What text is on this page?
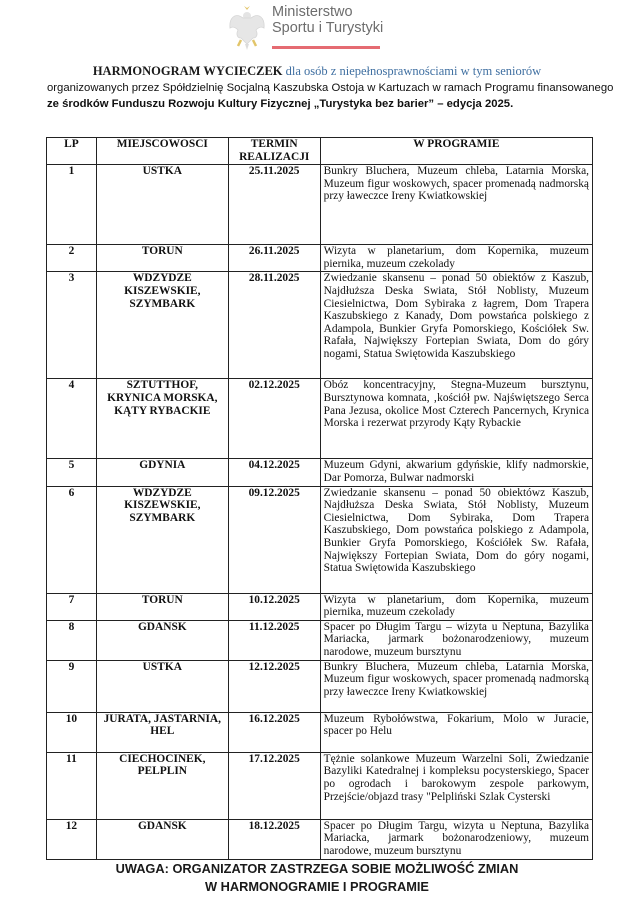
Ministerstwo
Sportu i Turystyki
HARMONOGRAM WYCIECZEK dla osób z niepełnosprawnościami w tym seniorów
organizowanych przez Spółdzielnię Socjalną Kaszubska Ostoja w Kartuzach w ramach Programu finansowanego
ze środków Funduszu Rozwoju Kultury Fizycznej „Turystyka bez barier” – edycja 2025.
LP	MIEJSCOWOSCI	TERMIN REALIZACJI	W PROGRAMIE
1	USTKA	25.11.2025	Bunkry Bluchera, Muzeum chleba, Latarnia Morska, Muzeum figur woskowych, spacer promenadą nadmorską przy ławeczce Ireny Kwiatkowskiej
2	TORUN	26.11.2025	Wizyta w planetarium, dom Kopernika, muzeum piernika, muzeum czekolady
3	WDZYDZE KISZEWSKIE, SZYMBARK	28.11.2025	Zwiedzanie skansenu – ponad 50 obiektów z Kaszub, Najdłuższa Deska Swiata, Stół Noblisty, Muzeum Ciesielnictwa, Dom Sybiraka z łagrem, Dom Trapera Kaszubskiego z Kanady, Dom powstańca polskiego z Adampola, Bunkier Gryfa Pomorskiego, Kościółek Sw. Rafała, Największy Fortepian Swiata, Dom do góry nogami, Statua Swiętowida Kaszubskiego
4	SZTUTTHOF, KRYNICA MORSKA, KĄTY RYBACKIE	02.12.2025	Obóz koncentracyjny, Stegna-Muzeum bursztynu, Bursztynowa komnata, ‚kościół pw. Najświętszego Serca Pana Jezusa, okolice Most Czterech Pancernych, Krynica Morska i rezerwat przyrody Kąty Rybackie
5	GDYNIA	04.12.2025	Muzeum Gdyni, akwarium gdyńskie, klify nadmorskie, Dar Pomorza, Bulwar nadmorski
6	WDZYDZE KISZEWSKIE, SZYMBARK	09.12.2025	Zwiedzanie skansenu – ponad 50 obiektówz Kaszub, Najdłuższa Deska Swiata, Stół Noblisty, Muzeum Ciesielnictwa, Dom Sybiraka, Dom Trapera Kaszubskiego, Dom powstańca polskiego z Adampola, Bunkier Gryfa Pomorskiego, Kościółek Sw. Rafała, Największy Fortepian Swiata, Dom do góry nogami, Statua Swiętowida Kaszubskiego
7	TORUN	10.12.2025	Wizyta w planetarium, dom Kopernika, muzeum piernika, muzeum czekolady
8	GDANSK	11.12.2025	Spacer po Długim Targu – wizyta u Neptuna, Bazylika Mariacka, jarmark bożonarodzeniowy, muzeum narodowe, muzeum bursztynu
9	USTKA	12.12.2025	Bunkry Bluchera, Muzeum chleba, Latarnia Morska, Muzeum figur woskowych, spacer promenadą nadmorską przy ławeczce Ireny Kwiatkowskiej
10	JURATA, JASTARNIA, HEL	16.12.2025	Muzeum Rybołówstwa, Fokarium, Molo w Juracie, spacer po Helu
11	CIECHOCINEK, PELPLIN	17.12.2025	Tężnie solankowe Muzeum Warzelni Soli, Zwiedzanie Bazyliki Katedralnej i kompleksu pocysterskiego, Spacer po ogrodach i barokowym zespole parkowym, Przejście/objazd trasy "Pelpliński Szlak Cysterski
12	GDANSK	18.12.2025	Spacer po Długim Targu, wizyta u Neptuna, Bazylika Mariacka, jarmark bożonarodzeniowy, muzeum narodowe, muzeum bursztynu
UWAGA: ORGANIZATOR ZASTRZEGA SOBIE MOŻLIWOŚĆ ZMIAN
W HARMONOGRAMIE I PROGRAMIE
